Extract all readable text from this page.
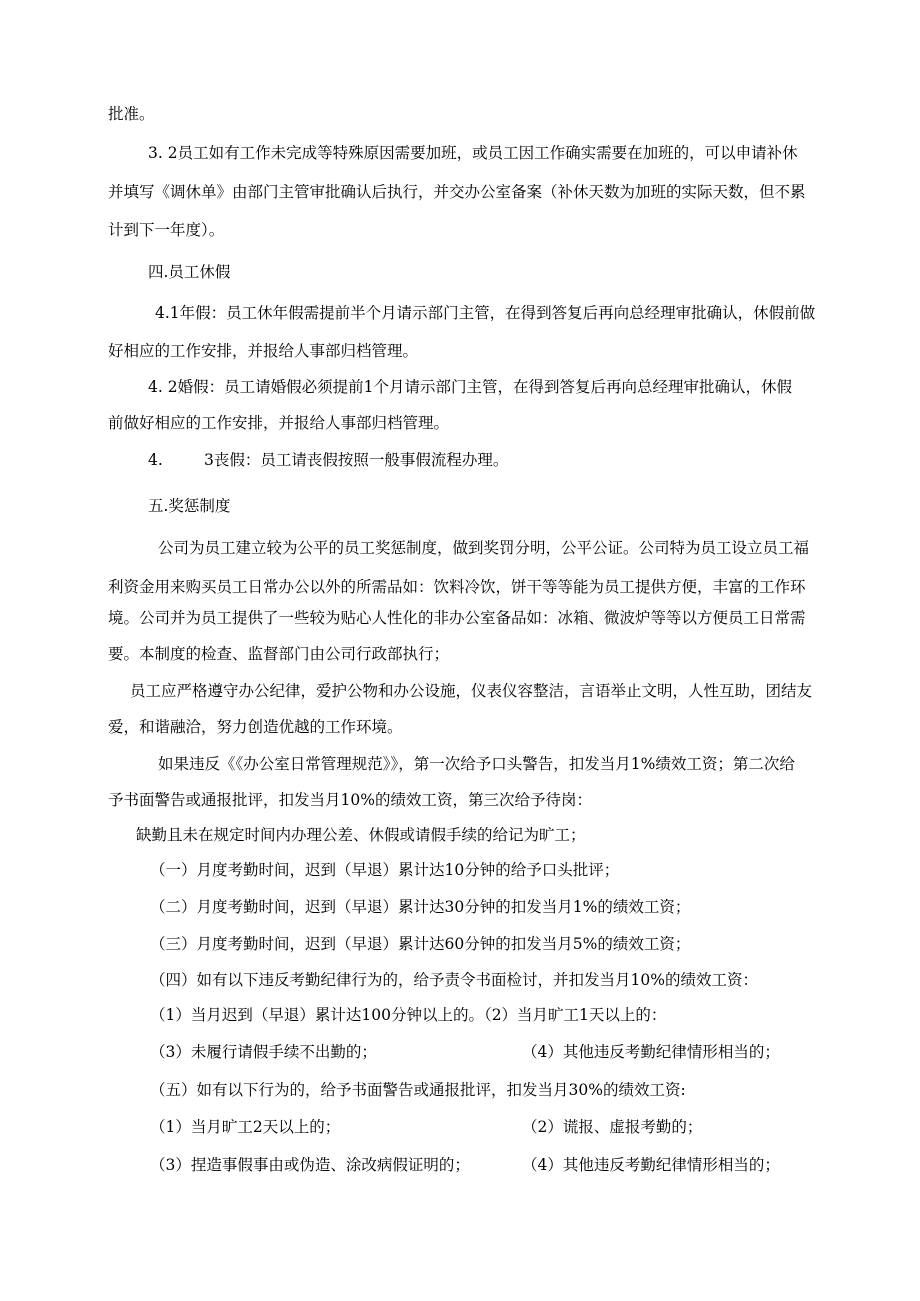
批准。
3. 2员工如有工作未完成等特殊原因需要加班，或员工因工作确实需要在加班的，可以申请补休
并填写《调休单》由部门主管审批确认后执行，并交办公室备案（补休天数为加班的实际天数，但不累
计到下一年度）。
四.员工休假
4.1年假：员工休年假需提前半个月请示部门主管，在得到答复后再向总经理审批确认，休假前做
好相应的工作安排，并报给人事部归档管理。
4. 2婚假：员工请婚假必须提前1个月请示部门主管，在得到答复后再向总经理审批确认，休假
前做好相应的工作安排，并报给人事部归档管理。
4.	3丧假：员工请丧假按照一般事假流程办理。
五.奖惩制度
公司为员工建立较为公平的员工奖惩制度，做到奖罚分明，公平公证。公司特为员工设立员工福
利资金用来购买员工日常办公以外的所需品如：饮料冷饮，饼干等等能为员工提供方便，丰富的工作环
境。公司并为员工提供了一些较为贴心人性化的非办公室备品如：冰箱、微波炉等等以方便员工日常需
要。本制度的检查、监督部门由公司行政部执行；
员工应严格遵守办公纪律，爱护公物和办公设施，仪表仪容整洁，言语举止文明，人性互助，团结友
爱，和谐融洽，努力创造优越的工作环境。
如果违反《《办公室日常管理规范》》，第一次给予口头警告，扣发当月1%绩效工资；第二次给
予书面警告或通报批评，扣发当月10%的绩效工资，第三次给予待岗：
缺勤且未在规定时间内办理公差、休假或请假手续的给记为旷工；
（一）月度考勤时间，迟到（早退）累计达10分钟的给予口头批评；
（二）月度考勤时间，迟到（早退）累计达30分钟的扣发当月1%的绩效工资；
（三）月度考勤时间，迟到（早退）累计达60分钟的扣发当月5%的绩效工资；
（四）如有以下违反考勤纪律行为的，给予责令书面检讨，并扣发当月10%的绩效工资：
（1）当月迟到（早退）累计达100分钟以上的。（2）当月旷工1天以上的：
（3）未履行请假手续不出勤的；	（4）其他违反考勤纪律情形相当的；
（五）如有以下行为的，给予书面警告或通报批评，扣发当月30%的绩效工资:
（1）当月旷工2天以上的；	（2）谎报、虚报考勤的；
（3）捏造事假事由或伪造、涂改病假证明的；	（4）其他违反考勤纪律情形相当的；
